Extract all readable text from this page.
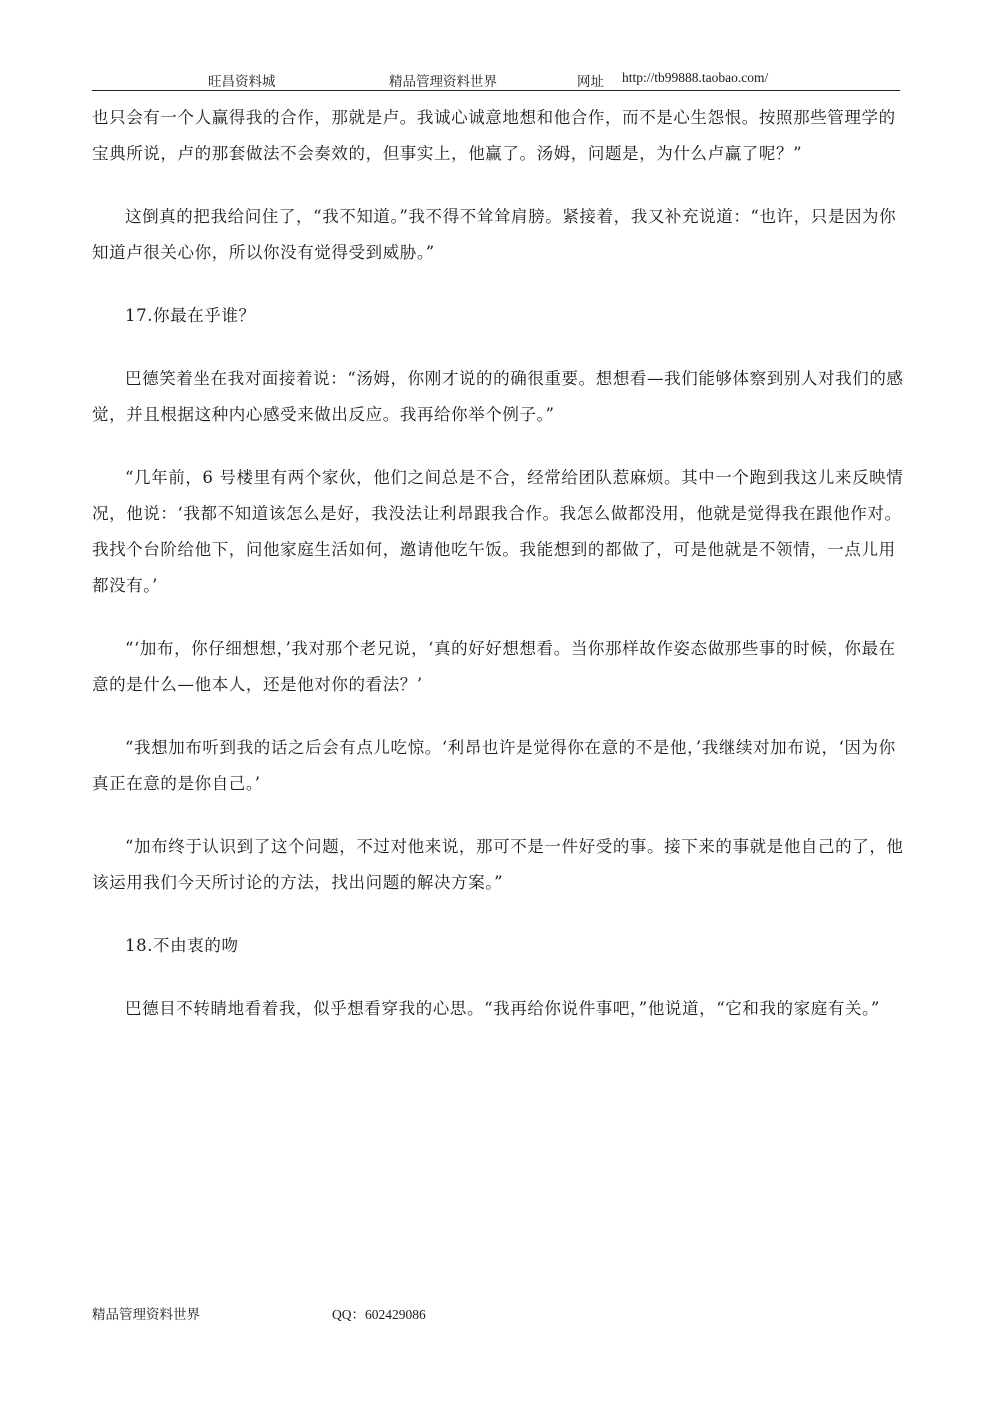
旺昌资料城	精品管理资料世界	网址 http://tb99888.taobao.com/

也只会有一个人赢得我的合作，那就是卢。我诚心诚意地想和他合作，而不是心生怨恨。按照那些管理学的宝典所说，卢的那套做法不会奏效的，但事实上，他赢了。汤姆，问题是，为什么卢赢了呢？”

这倒真的把我给问住了，“我不知道。”我不得不耸耸肩膀。紧接着，我又补充说道：“也许，只是因为你知道卢很关心你，所以你没有觉得受到威胁。”

17.你最在乎谁？

巴德笑着坐在我对面接着说：“汤姆，你刚才说的的确很重要。想想看—我们能够体察到别人对我们的感觉，并且根据这种内心感受来做出反应。我再给你举个例子。”

“几年前，6 号楼里有两个家伙，他们之间总是不合，经常给团队惹麻烦。其中一个跑到我这儿来反映情况，他说：‘我都不知道该怎么是好，我没法让利昂跟我合作。我怎么做都没用，他就是觉得我在跟他作对。我找个台阶给他下，问他家庭生活如何，邀请他吃午饭。我能想到的都做了，可是他就是不领情，一点儿用都没有。’

“‘加布，你仔细想想，’我对那个老兄说，‘真的好好想想看。当你那样故作姿态做那些事的时候，你最在意的是什么—他本人，还是他对你的看法？’

“我想加布听到我的话之后会有点儿吃惊。‘利昂也许是觉得你在意的不是他，’我继续对加布说，‘因为你真正在意的是你自己。’

“加布终于认识到了这个问题，不过对他来说，那可不是一件好受的事。接下来的事就是他自己的了，他该运用我们今天所讨论的方法，找出问题的解决方案。”

18.不由衷的吻

巴德目不转睛地看着我，似乎想看穿我的心思。“我再给你说件事吧，”他说道，“它和我的家庭有关。”

精品管理资料世界	QQ：602429086
